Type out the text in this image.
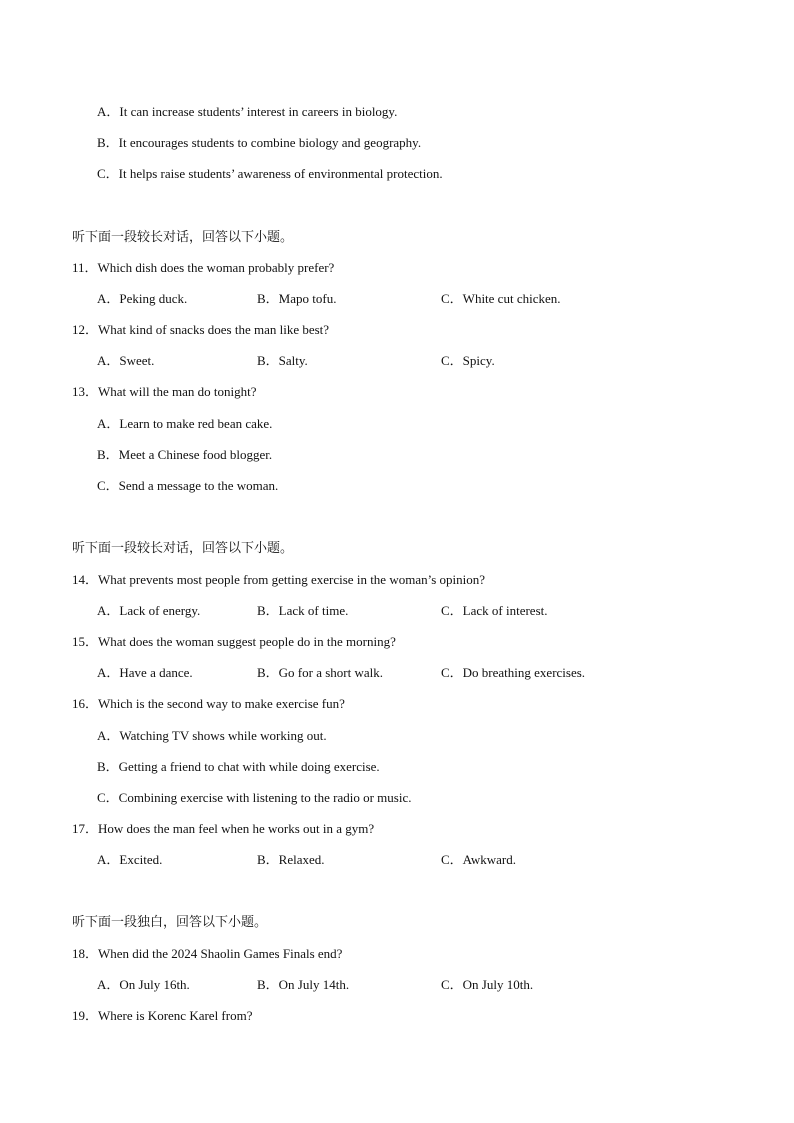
A．It can increase students’ interest in careers in biology.
B．It encourages students to combine biology and geography.
C．It helps raise students’ awareness of environmental protection.
听下面一段较长对话，回答以下小题。
11．Which dish does the woman probably prefer?
A．Peking duck.	B．Mapo tofu.	C．White cut chicken.
12．What kind of snacks does the man like best?
A．Sweet.	B．Salty.	C．Spicy.
13．What will the man do tonight?
A．Learn to make red bean cake.
B．Meet a Chinese food blogger.
C．Send a message to the woman.
听下面一段较长对话，回答以下小题。
14．What prevents most people from getting exercise in the woman’s opinion?
A．Lack of energy.	B．Lack of time.	C．Lack of interest.
15．What does the woman suggest people do in the morning?
A．Have a dance.	B．Go for a short walk.	C．Do breathing exercises.
16．Which is the second way to make exercise fun?
A．Watching TV shows while working out.
B．Getting a friend to chat with while doing exercise.
C．Combining exercise with listening to the radio or music.
17．How does the man feel when he works out in a gym?
A．Excited.	B．Relaxed.	C．Awkward.
听下面一段独白，回答以下小题。
18．When did the 2024 Shaolin Games Finals end?
A．On July 16th.	B．On July 14th.	C．On July 10th.
19．Where is Korenc Karel from?
